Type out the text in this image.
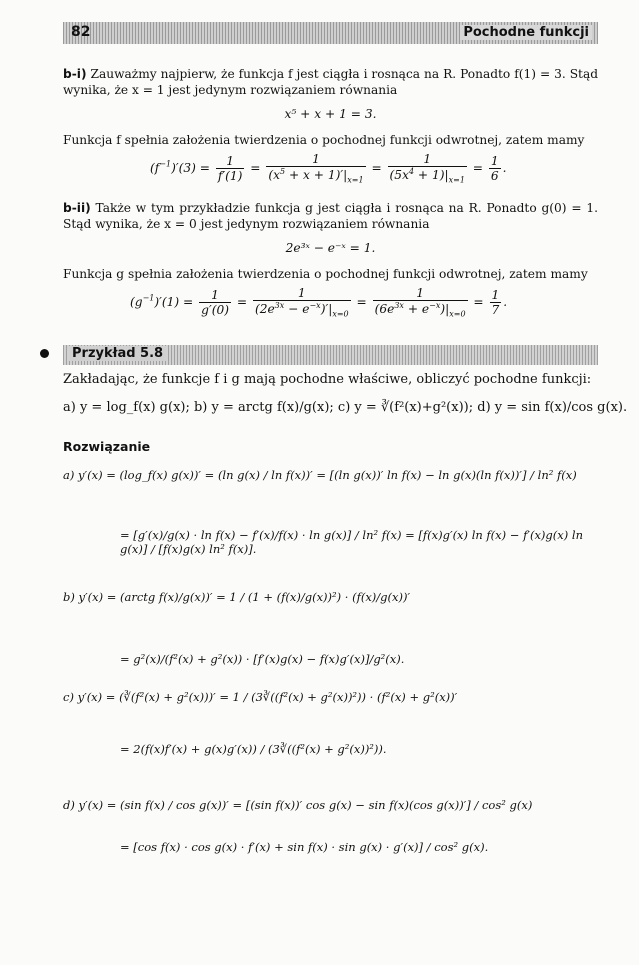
82	Pochodne funkcji
b-i) Zauważmy najpierw, że funkcja f jest ciągła i rosnąca na R. Ponadto f(1) = 3. Stąd wynika, że x = 1 jest jedynym rozwiązaniem równania
x⁵ + x + 1 = 3.
Funkcja f spełnia założenia twierdzenia o pochodnej funkcji odwrotnej, zatem mamy
$(f^{-1})'(3) = \frac{1}{f'(1)} = \frac{1}{(x^5 + x + 1)'|_{x=1}} = \frac{1}{(5x^4 + 1)|_{x=1}} = \frac{1}{6}$ .
b-ii) Także w tym przykładzie funkcja g jest ciągła i rosnąca na R. Ponadto g(0) = 1. Stąd wynika, że x = 0 jest jedynym rozwiązaniem równania
2e³ˣ − e⁻ˣ = 1.
Funkcja g spełnia założenia twierdzenia o pochodnej funkcji odwrotnej, zatem mamy
$(g^{-1})'(1) = \frac{1}{g'(0)} = \frac{1}{(2e^{3x} - e^{-x})'|_{x=0}} = \frac{1}{(6e^{3x} + e^{-x})|_{x=0}} = \frac{1}{7}$ .
Przykład 5.8
Zakładając, że funkcje f i g mają pochodne właściwe, obliczyć pochodne funkcji:
a) y = log_f(x) g(x); b) y = arctg f(x)/g(x); c) y = ∛(f²(x)+g²(x)); d) y = sin f(x)/cos g(x).
Rozwiązanie
a) y′(x) = (log_f(x) g(x))′ = (ln g(x) / ln f(x))′ = [(ln g(x))′ ln f(x) − ln g(x)(ln f(x))′] / ln² f(x)
= [g′(x)/g(x) · ln f(x) − f′(x)/f(x) · ln g(x)] / ln² f(x) = [f(x)g′(x) ln f(x) − f′(x)g(x) ln g(x)] / [f(x)g(x) ln² f(x)].
b) y′(x) = (arctg f(x)/g(x))′ = 1 / (1 + (f(x)/g(x))²) · (f(x)/g(x))′
= g²(x)/(f²(x) + g²(x)) · [f′(x)g(x) − f(x)g′(x)]/g²(x).
c) y′(x) = (∛(f²(x) + g²(x)))′ = 1 / (3∛((f²(x) + g²(x))²)) · (f²(x) + g²(x))′
= 2(f(x)f′(x) + g(x)g′(x)) / (3∛((f²(x) + g²(x))²)).
d) y′(x) = (sin f(x) / cos g(x))′ = [(sin f(x))′ cos g(x) − sin f(x)(cos g(x))′] / cos² g(x)
= [cos f(x) · cos g(x) · f′(x) + sin f(x) · sin g(x) · g′(x)] / cos² g(x).
